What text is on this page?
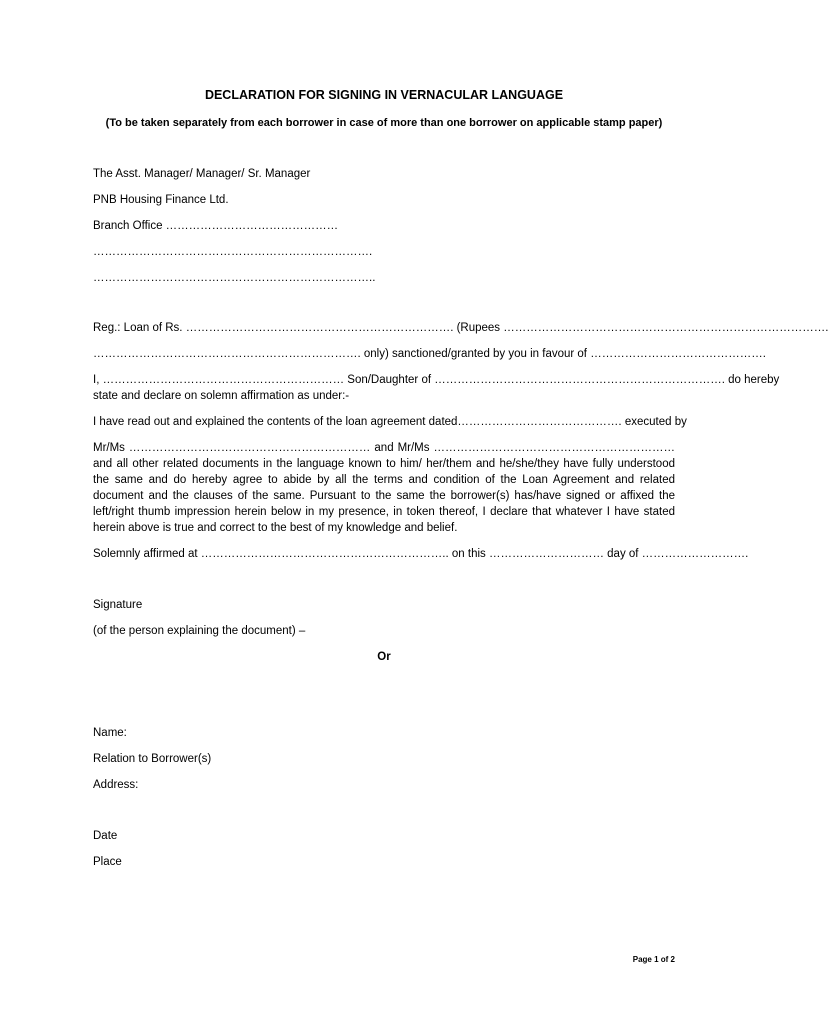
DECLARATION FOR SIGNING IN VERNACULAR LANGUAGE
(To be taken separately from each borrower in case of more than one borrower on applicable stamp paper)
The Asst. Manager/ Manager/ Sr. Manager
PNB Housing Finance Ltd.
Branch Office ………………………………………
……………………………………………………………….
………………………………………………………………..
Reg.: Loan of Rs. ……………………………………………………………. (Rupees ………………………………………………………………………….
……………………………………………………………. only) sanctioned/granted by you in favour of ……………………………………….
I, ……………………………………………………… Son/Daughter of …………………………………………………………………. do hereby
state and declare on solemn affirmation as under:-
I have read out and explained the contents of the loan agreement dated……………………………………. executed by
Mr/Ms ……………………………………………………… and Mr/Ms ……………………………………………………… and all other related documents in the language known to him/ her/them and he/she/they have fully understood the same and do hereby agree to abide by all the terms and condition of the Loan Agreement and related document and the clauses of the same. Pursuant to the same the borrower(s) has/have signed or affixed the left/right thumb impression herein below in my presence, in token thereof, I declare that whatever I have stated herein above is true and correct to the best of my knowledge and belief.
Solemnly affirmed at ……………………………………………………….. on this ………………………… day of ……………………….
Signature
(of the person explaining the document) –
Or
Name:
Relation to Borrower(s)
Address:
Date
Place
Page 1 of 2
